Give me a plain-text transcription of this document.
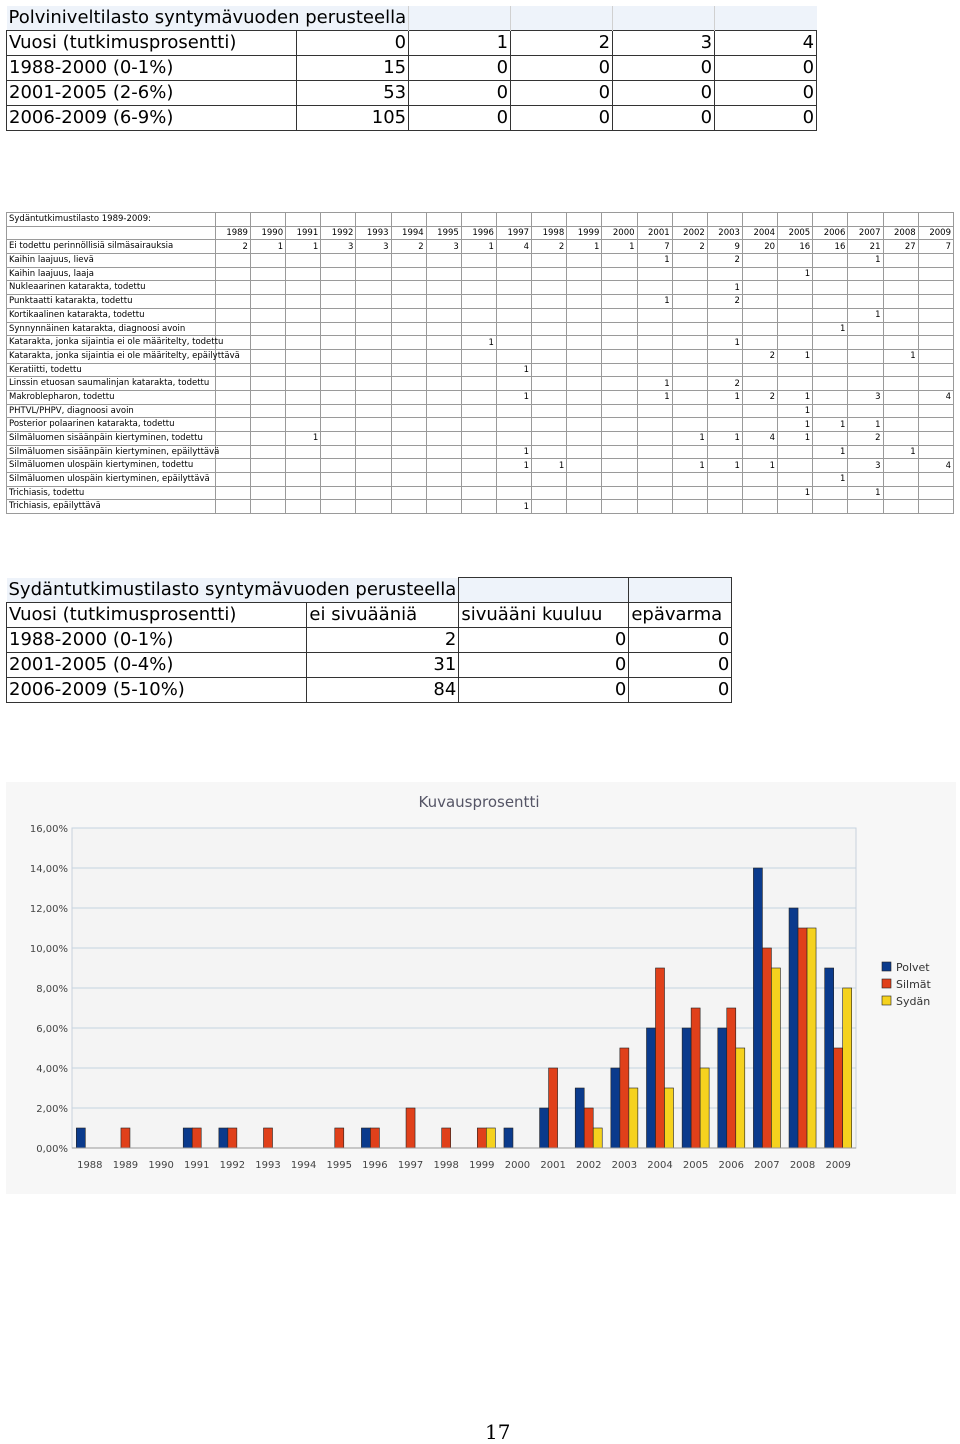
Polviniveltilasto syntymävuoden perusteella					
Vuosi (tutkimusprosentti)	0	1	2	3	4
1988-2000 (0-1%)	15	0	0	0	0
2001-2005 (2-6%)	53	0	0	0	0
2006-2009 (6-9%)	105	0	0	0	0
Sydäntutkimustilasto 1989-2009:																					
	1989	1990	1991	1992	1993	1994	1995	1996	1997	1998	1999	2000	2001	2002	2003	2004	2005	2006	2007	2008	2009

Ei todettu perinnöllisiä silmäsairauksia	2	1	1	3	3	2	3	1	4	2	1	1	7	2	9	20	16	16	21	27	7

Kaihin laajuus, lievä													1		2				1		

Kaihin laajuus, laaja																	1				

Nukleaarinen katarakta, todettu															1						

Punktaatti katarakta, todettu													1		2						

Kortikaalinen katarakta, todettu																			1		

Synnynnäinen katarakta, diagnoosi avoin																		1			

Katarakta, jonka sijaintia ei ole määritelty, todettu								1							1						

Katarakta, jonka sijaintia ei ole määritelty, epäilyttävä																2	1			1	

Keratiitti, todettu									1												

Linssin etuosan saumalinjan katarakta, todettu													1		2						

Makroblepharon, todettu									1				1		1	2	1		3		4

PHTVL/PHPV, diagnoosi avoin																	1				

Posterior polaarinen katarakta, todettu																	1	1	1		

Silmäluomen sisäänpäin kiertyminen, todettu			1											1	1	4	1		2		

Silmäluomen sisäänpäin kiertyminen, epäilyttävä									1									1		1	

Silmäluomen ulospäin kiertyminen, todettu									1	1				1	1	1			3		4

Silmäluomen ulospäin kiertyminen, epäilyttävä																		1			

Trichiasis, todettu																	1		1		

Trichiasis, epäilyttävä									1												
Sydäntutkimustilasto syntymävuoden perusteella			
Vuosi (tutkimusprosentti)	ei sivuääniä	sivuääni kuuluu	epävarma
1988-2000 (0-1%)	2	0	0
2001-2005 (0-4%)	31	0	0
2006-2009 (5-10%)	84	0	0
Kuvausprosentti
0,00%
2,00%
4,00%
6,00%
8,00%
10,00%
12,00%
14,00%
16,00%
1988 1989 1990 1991 1992 1993 1994 1995 1996 1997 1998 1999 2000 2001 2002 2003 2004 2005 2006 2007 2008 2009
Polvet
Silmät
Sydän
17
